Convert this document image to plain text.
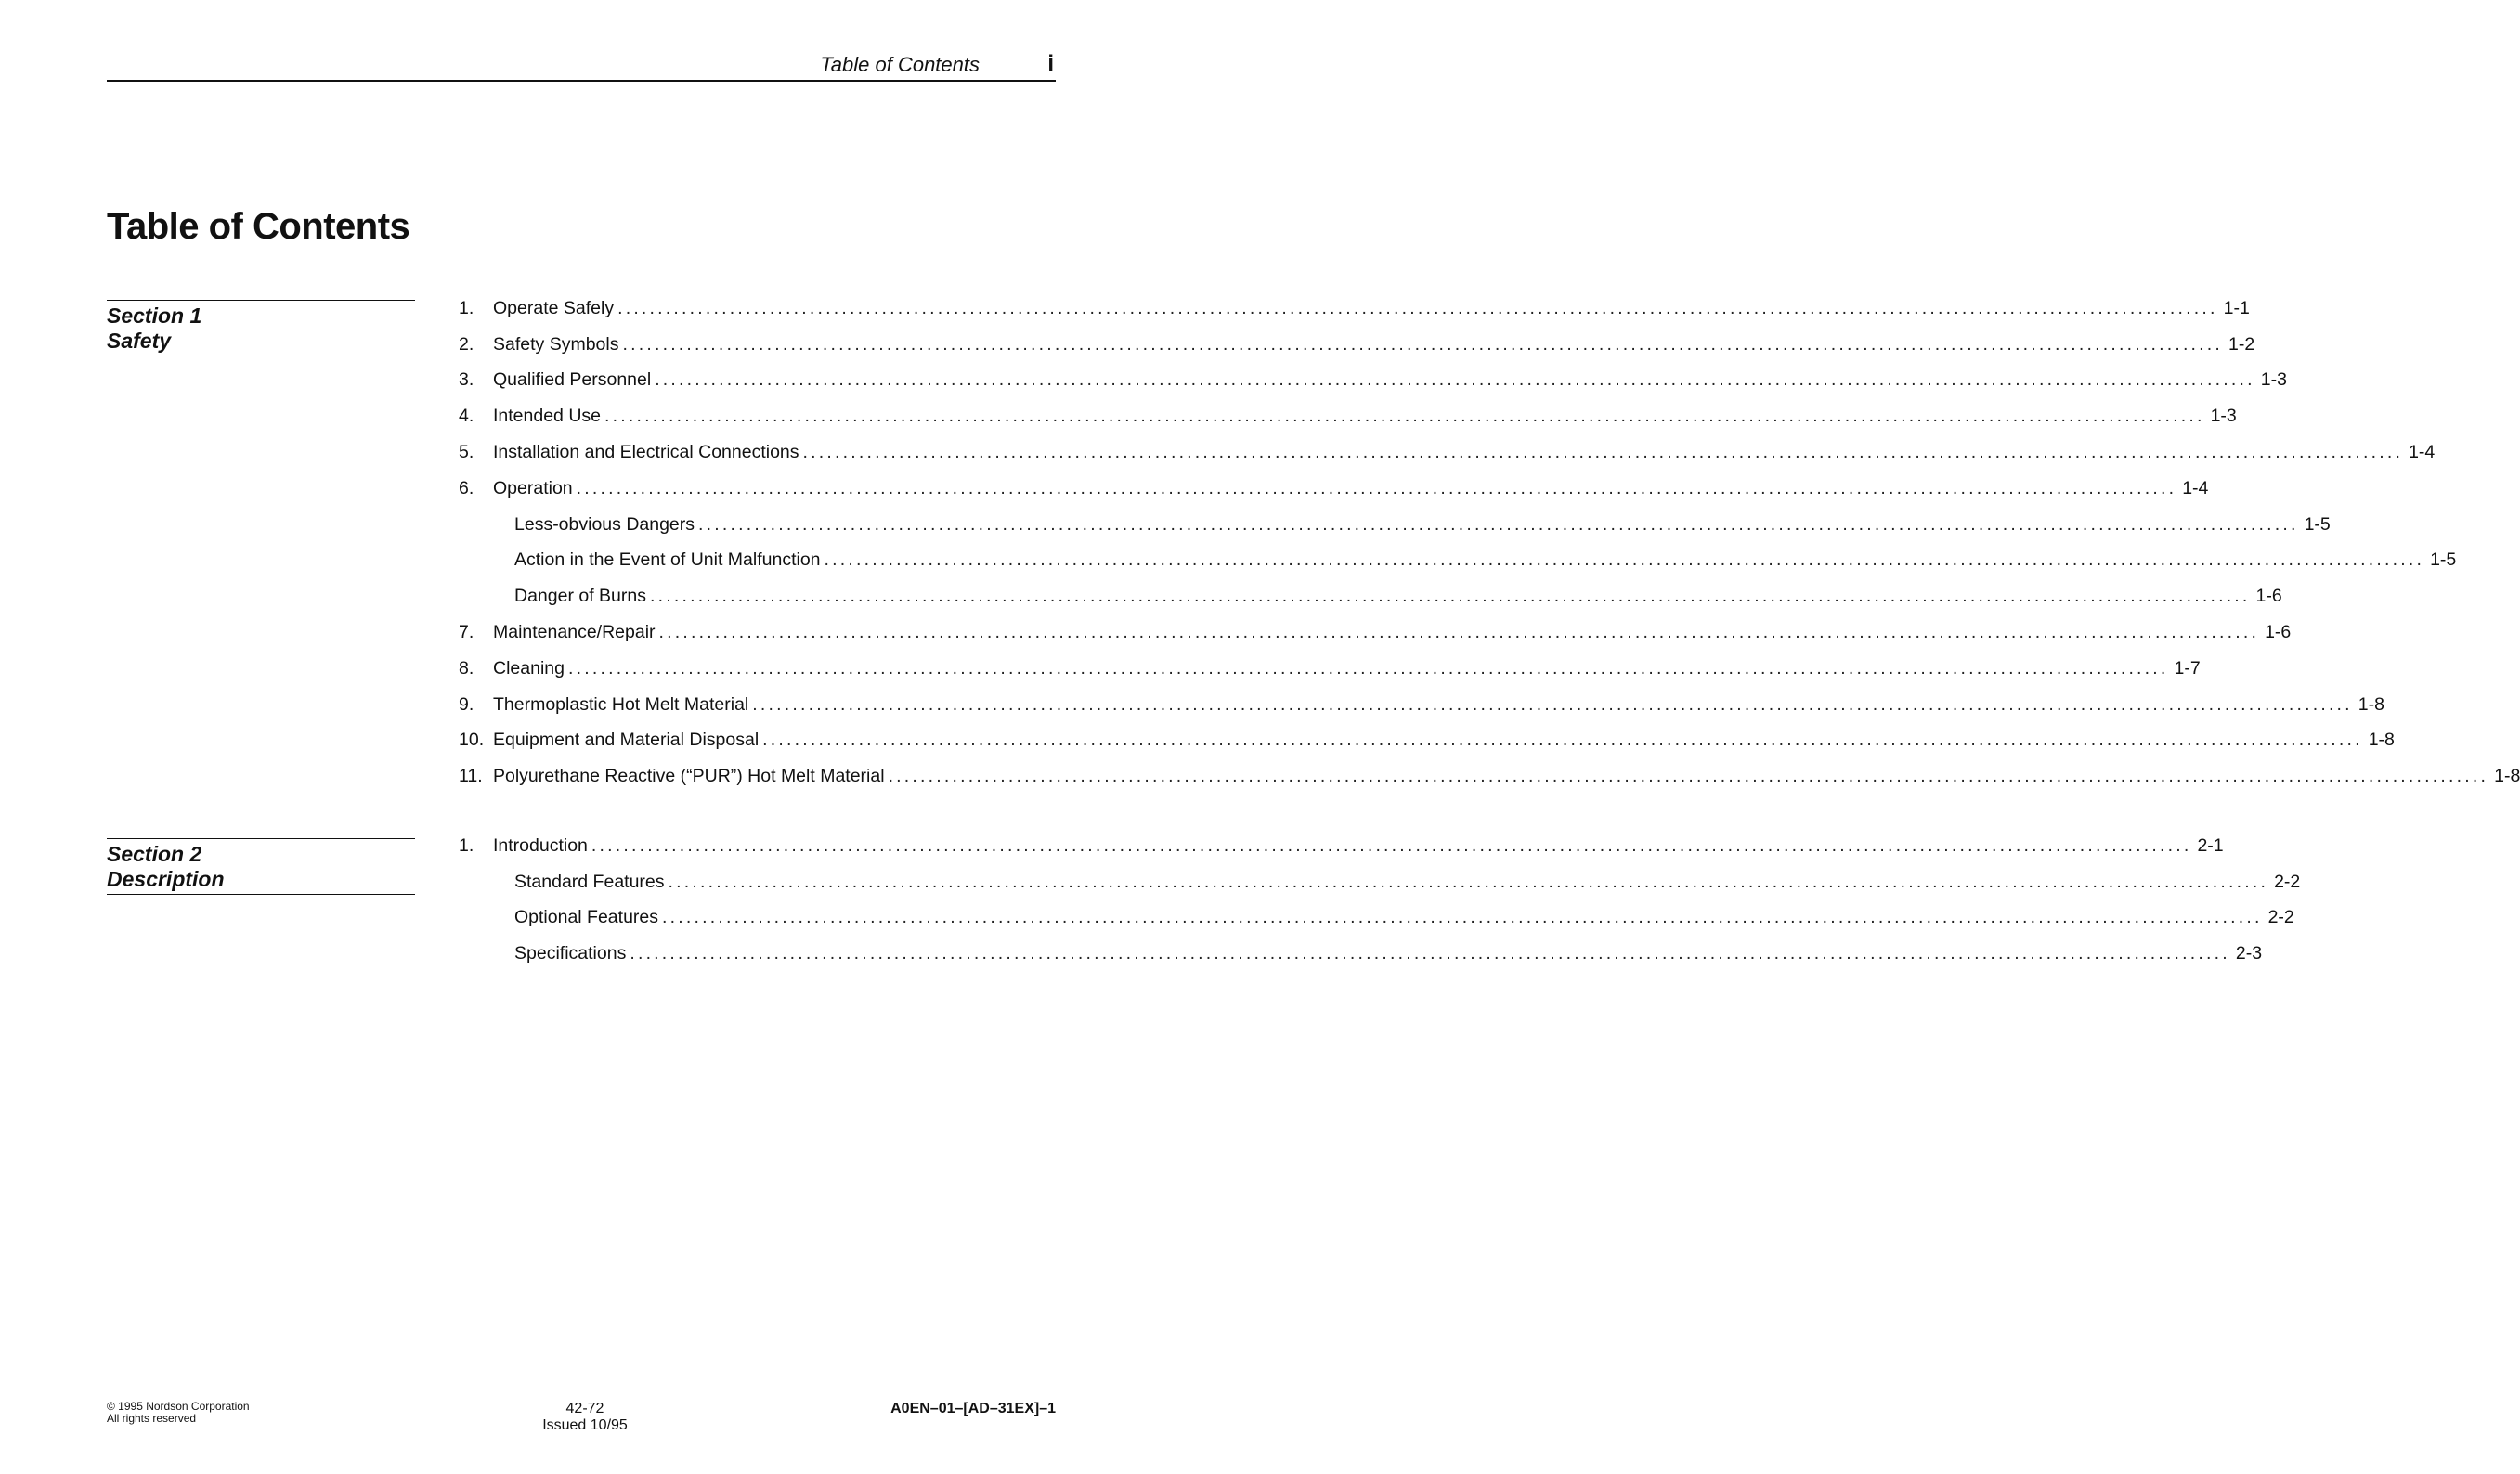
Table of Contents	i
Table of Contents
Section 1
Safety
1.	Operate Safely ........................................................................................................................................................................................................ 1-1
2.	Safety Symbols ........................................................................................................................................................................................................ 1-2
3.	Qualified Personnel ........................................................................................................................................................................................................ 1-3
4.	Intended Use ........................................................................................................................................................................................................ 1-3
5.	Installation and Electrical Connections ........................................................................................................................................................................................................ 1-4
6.	Operation ........................................................................................................................................................................................................ 1-4
Less-obvious Dangers ........................................................................................................................................................................................................ 1-5
Action in the Event of Unit Malfunction ........................................................................................................................................................................................................ 1-5
Danger of Burns ........................................................................................................................................................................................................ 1-6
7.	Maintenance/Repair ........................................................................................................................................................................................................ 1-6
8.	Cleaning ........................................................................................................................................................................................................ 1-7
9.	Thermoplastic Hot Melt Material ........................................................................................................................................................................................................ 1-8
10. Equipment and Material Disposal ........................................................................................................................................................................................................ 1-8
11. Polyurethane Reactive (“PUR”) Hot Melt Material ........................................................................................................................................................................................................ 1-8
Section 2
Description
1.	Introduction ........................................................................................................................................................................................................ 2-1
Standard Features ........................................................................................................................................................................................................ 2-2
Optional Features ........................................................................................................................................................................................................ 2-2
Specifications ........................................................................................................................................................................................................ 2-3
© 1995 Nordson Corporation
All rights reserved
42-72
Issued 10/95
A0EN–01–[AD–31EX]–1
